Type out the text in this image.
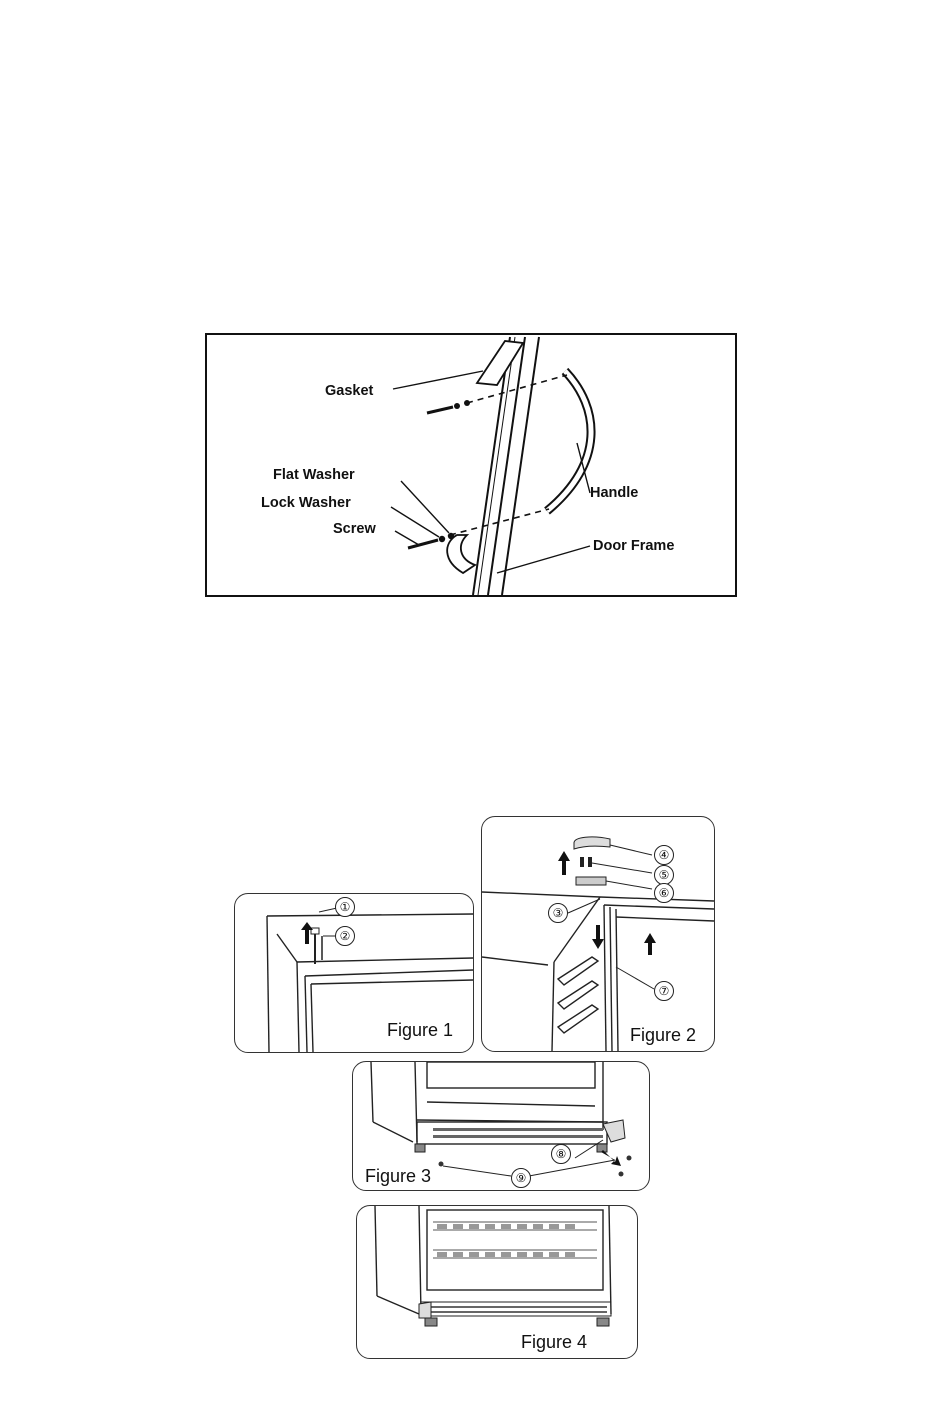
Gasket
Flat Washer
Lock Washer
Screw
Handle
Door Frame
①
②
Figure 1
③
④
⑤
⑥
⑦
Figure 2
⑧
⑨
Figure 3
Figure 4
